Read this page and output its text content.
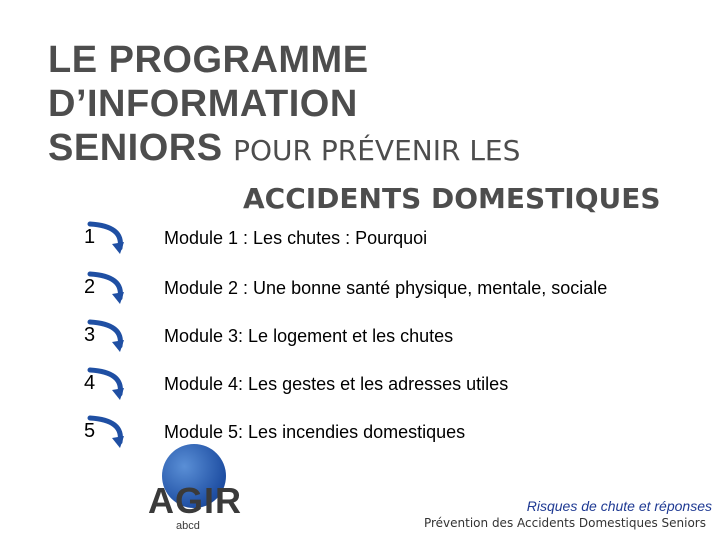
LE PROGRAMME
D’INFORMATION
SENIORS POUR PRÉVENIR LES
ACCIDENTS DOMESTIQUES
1	Module 1 : Les chutes : Pourquoi
2	Module 2 : Une bonne santé physique, mentale, sociale
3	Module 3: Le logement et les chutes
4	Module 4: Les gestes et les adresses utiles
5	Module 5: Les incendies domestiques
AGIR
abcd
Risques de chute et réponses
Prévention des Accidents Domestiques Seniors
